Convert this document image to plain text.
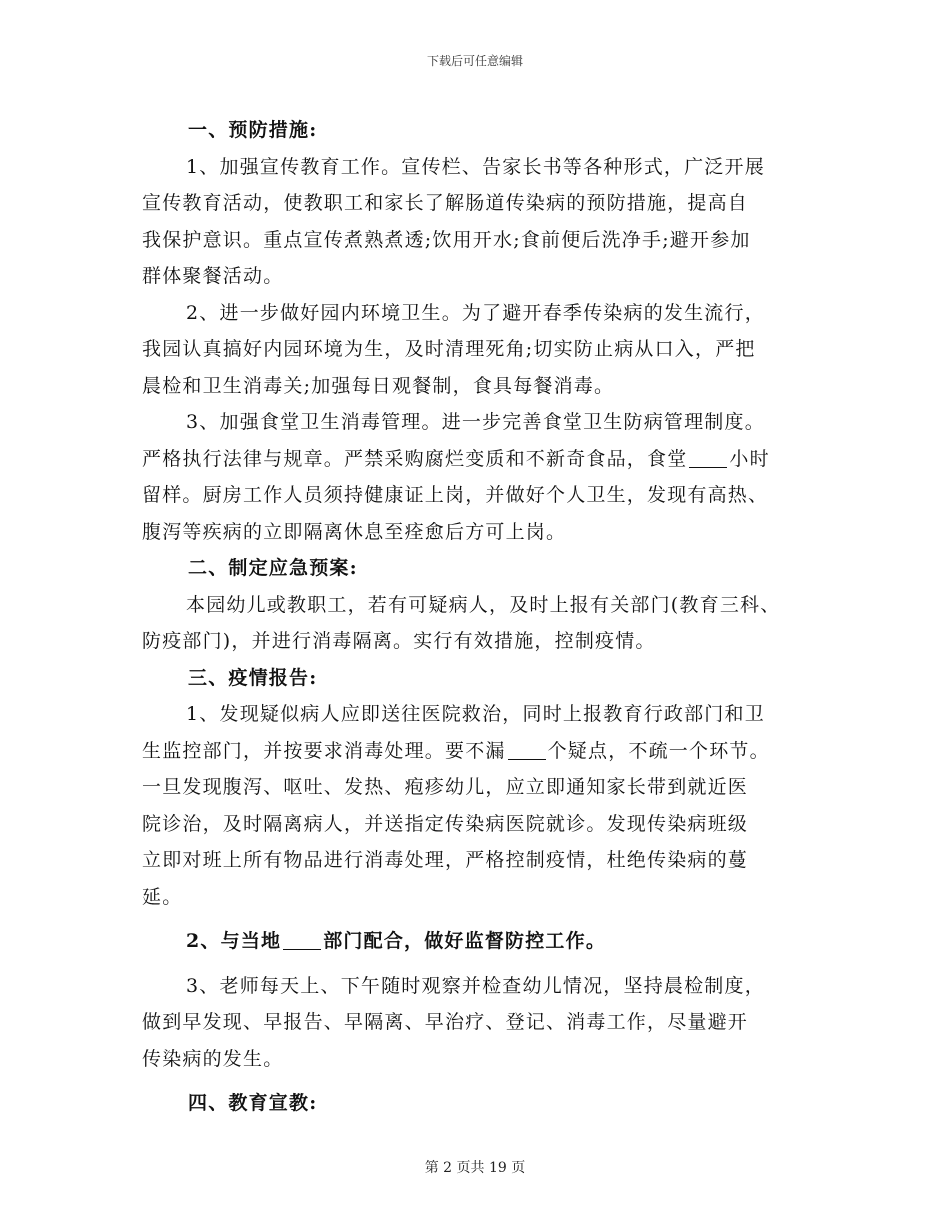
下载后可任意编辑

一、预防措施:

1、加强宣传教育工作。宣传栏、告家长书等各种形式，广泛开展
宣传教育活动，使教职工和家长了解肠道传染病的预防措施，提高自
我保护意识。重点宣传煮熟煮透;饮用开水;食前便后洗净手;避开参加
群体聚餐活动。

2、进一步做好园内环境卫生。为了避开春季传染病的发生流行，
我园认真搞好内园环境为生，及时清理死角;切实防止病从口入，严把
晨检和卫生消毒关;加强每日观餐制，食具每餐消毒。

3、加强食堂卫生消毒管理。进一步完善食堂卫生防病管理制度。
严格执行法律与规章。严禁采购腐烂变质和不新奇食品，食堂 小时
留样。厨房工作人员须持健康证上岗，并做好个人卫生，发现有高热、
腹泻等疾病的立即隔离休息至痊愈后方可上岗。

二、制定应急预案:

本园幼儿或教职工，若有可疑病人，及时上报有关部门(教育三科、
防疫部门)，并进行消毒隔离。实行有效措施，控制疫情。

三、疫情报告:

1、发现疑似病人应即送往医院救治，同时上报教育行政部门和卫
生监控部门，并按要求消毒处理。要不漏 个疑点，不疏一个环节。
一旦发现腹泻、呕吐、发热、疱疹幼儿，应立即通知家长带到就近医
院诊治，及时隔离病人，并送指定传染病医院就诊。发现传染病班级
立即对班上所有物品进行消毒处理，严格控制疫情，杜绝传染病的蔓
延。

2、与当地 部门配合，做好监督防控工作。

3、老师每天上、下午随时观察并检查幼儿情况，坚持晨检制度，
做到早发现、早报告、早隔离、早治疗、登记、消毒工作，尽量避开
传染病的发生。

四、教育宣教:

第 2 页共 19 页
